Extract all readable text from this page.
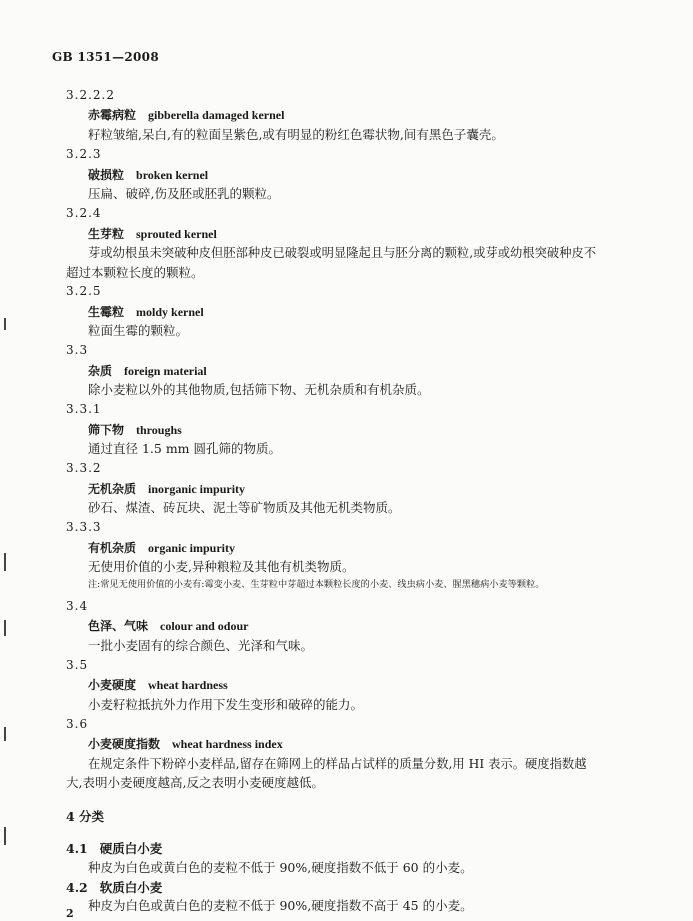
GB 1351—2008
3.2.2.2
赤霉病粒 gibberella damaged kernel
籽粒皱缩,呆白,有的粒面呈紫色,或有明显的粉红色霉状物,间有黑色子囊壳。
3.2.3
破损粒 broken kernel
压扁、破碎,伤及胚或胚乳的颗粒。
3.2.4
生芽粒 sprouted kernel
芽或幼根虽未突破种皮但胚部种皮已破裂或明显隆起且与胚分离的颗粒,或芽或幼根突破种皮不
超过本颗粒长度的颗粒。
3.2.5
生霉粒 moldy kernel
粒面生霉的颗粒。
3.3
杂质 foreign material
除小麦粒以外的其他物质,包括筛下物、无机杂质和有机杂质。
3.3.1
筛下物 throughs
通过直径 1.5 mm 圆孔筛的物质。
3.3.2
无机杂质 inorganic impurity
砂石、煤渣、砖瓦块、泥土等矿物质及其他无机类物质。
3.3.3
有机杂质 organic impurity
无使用价值的小麦,异种粮粒及其他有机类物质。
注:常见无使用价值的小麦有:霉变小麦、生芽粒中芽超过本颗粒长度的小麦、线虫病小麦、腥黑穗病小麦等颗粒。
3.4
色泽、气味 colour and odour
一批小麦固有的综合颜色、光泽和气味。
3.5
小麦硬度 wheat hardness
小麦籽粒抵抗外力作用下发生变形和破碎的能力。
3.6
小麦硬度指数 wheat hardness index
在规定条件下粉碎小麦样品,留存在筛网上的样品占试样的质量分数,用 HI 表示。硬度指数越
大,表明小麦硬度越高,反之表明小麦硬度越低。
4 分类
4.1 硬质白小麦
种皮为白色或黄白色的麦粒不低于 90%,硬度指数不低于 60 的小麦。
4.2 软质白小麦
种皮为白色或黄白色的麦粒不低于 90%,硬度指数不高于 45 的小麦。
2
